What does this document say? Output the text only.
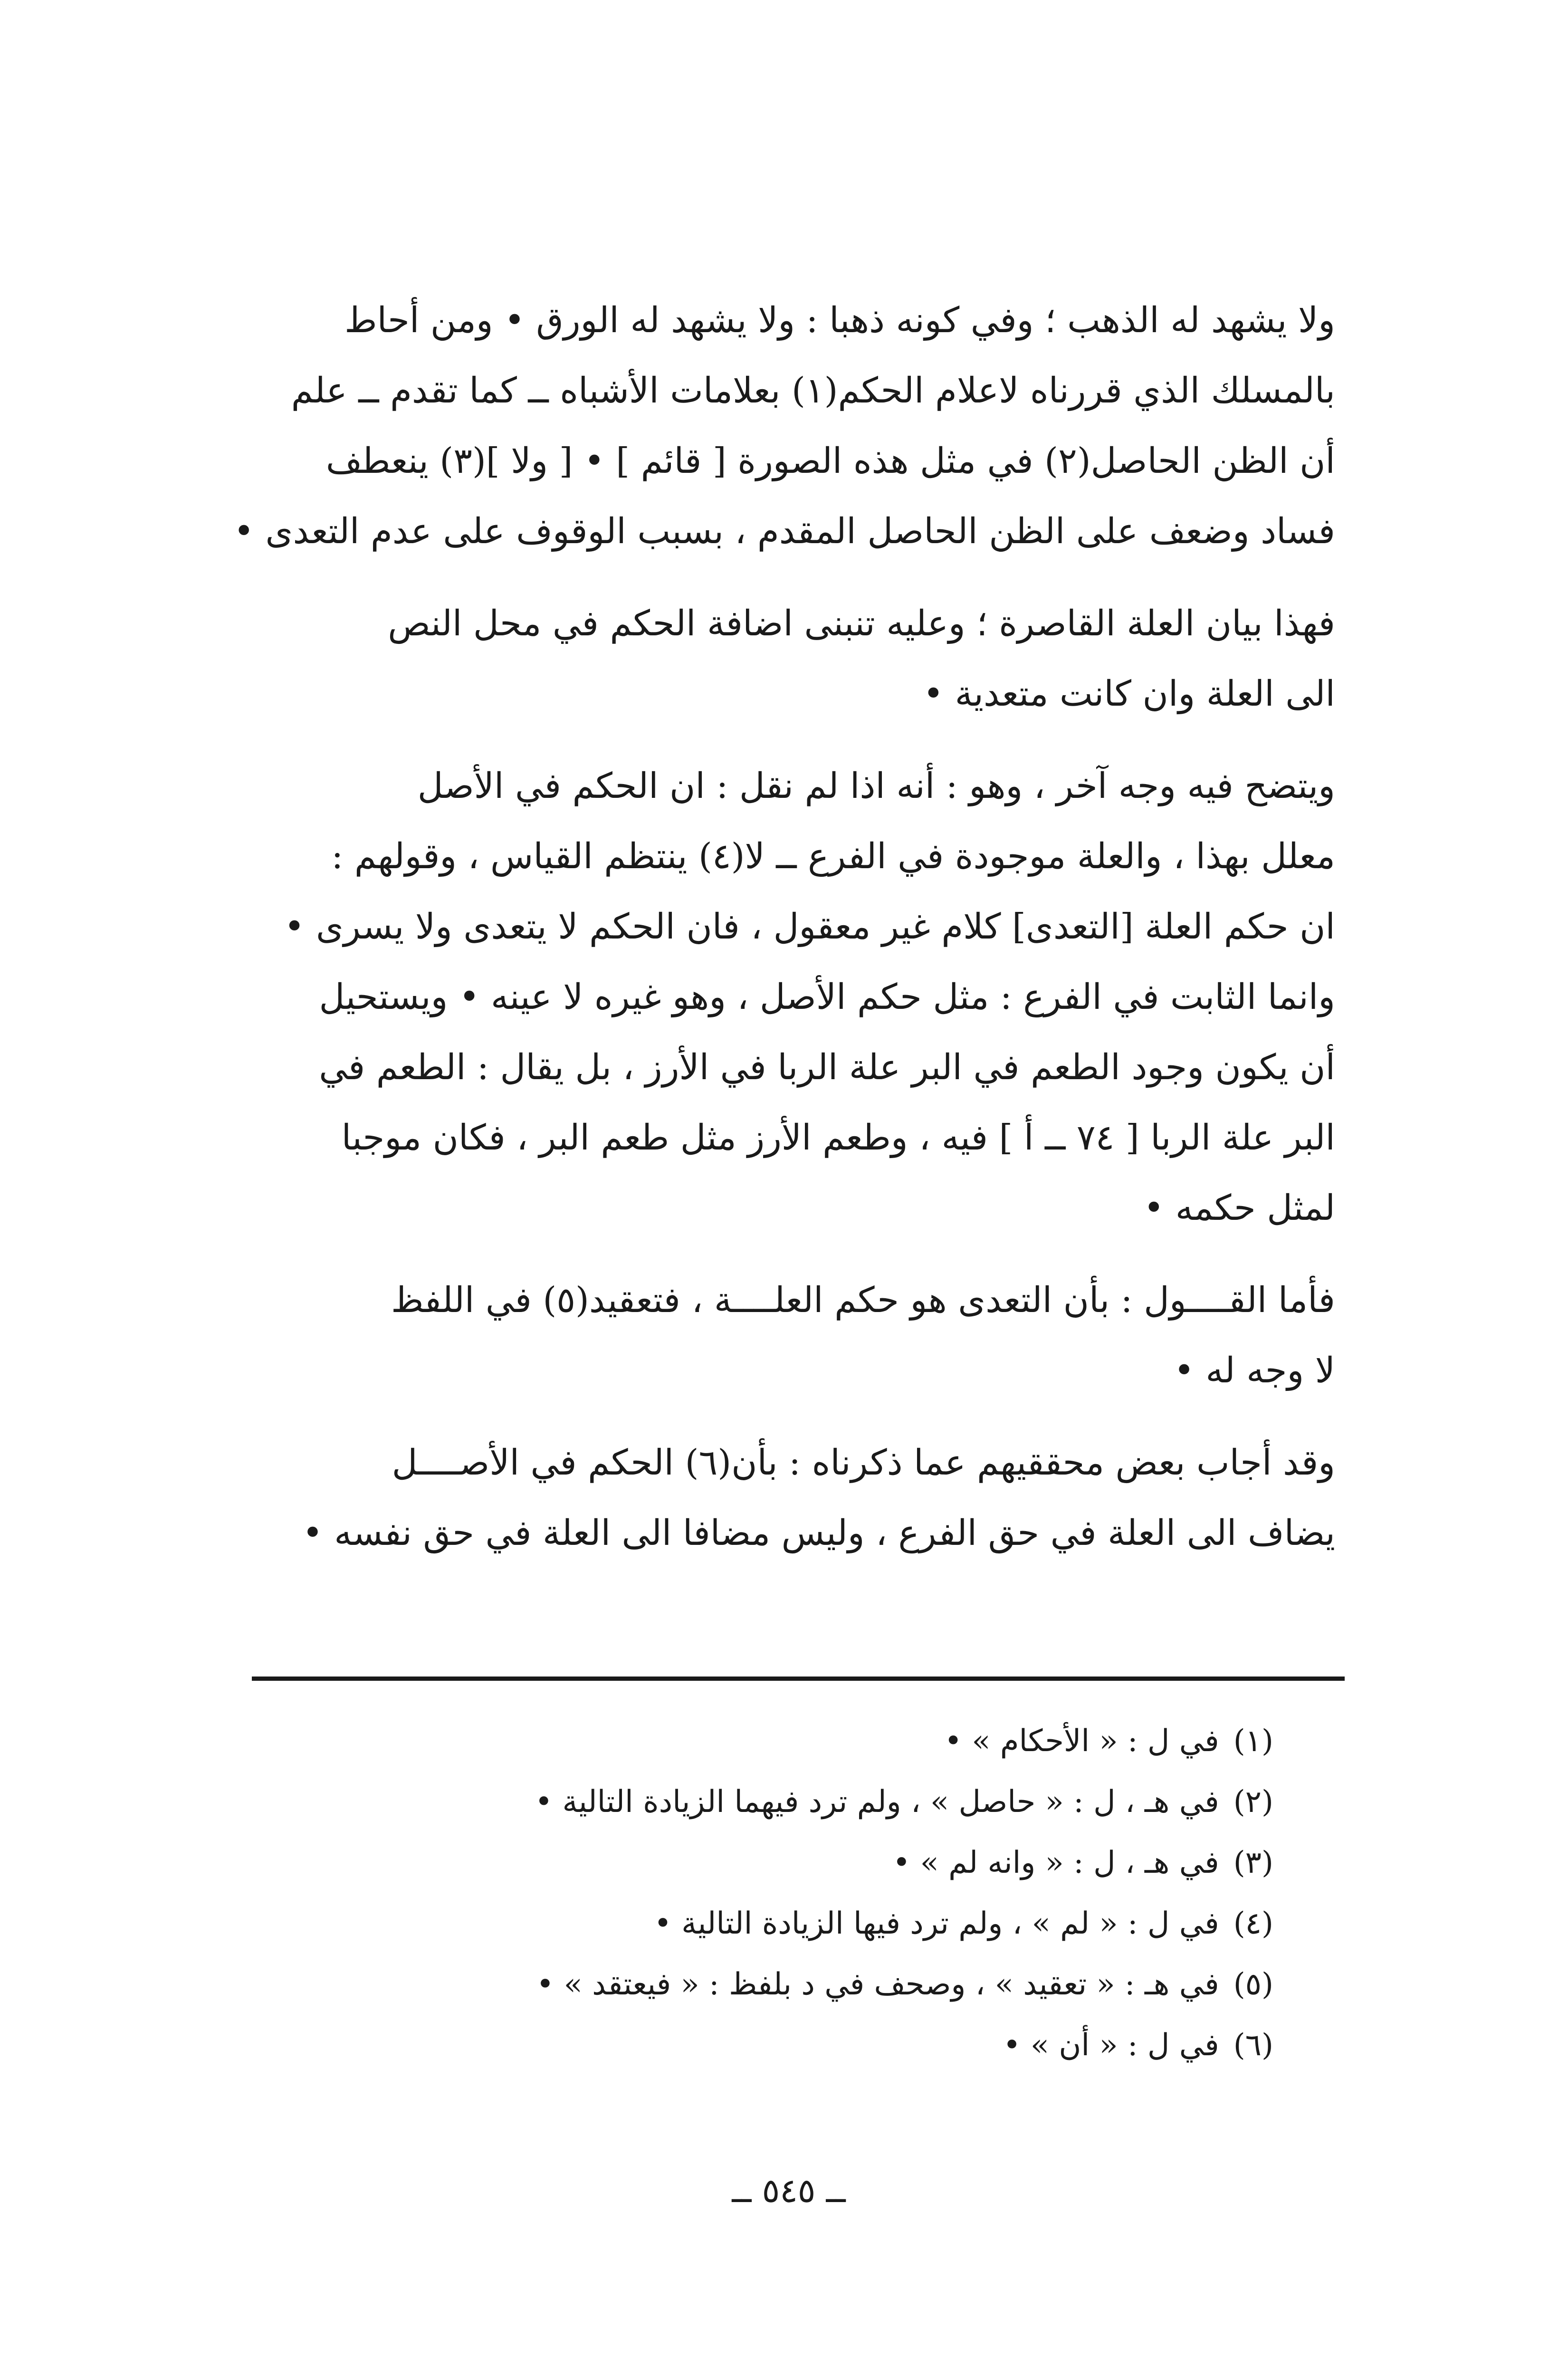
ولا يشهد له الذهب ؛ وفي كونه ذهبا : ولا يشهد له الورق • ومن أحاط
بالمسلك الذي قررناه لاعلام الحكم(١) بعلامات الأشباه ــ كما تقدم ــ علم
أن الظن الحاصل(٢) في مثل هذه الصورة [ قائم ] • [ ولا ](٣) ينعطف
فساد وضعف على الظن الحاصل المقدم ، بسبب الوقوف على عدم التعدى •

فهذا بيان العلة القاصرة ؛ وعليه تنبنى اضافة الحكم في محل النص
الى العلة وان كانت متعدية •

ويتضح فيه وجه آخر ، وهو : أنه اذا لم نقل : ان الحكم في الأصل
معلل بهذا ، والعلة موجودة في الفرع ــ لا(٤) ينتظم القياس ، وقولهم :
ان حكم العلة [التعدى] كلام غير معقول ، فان الحكم لا يتعدى ولا يسرى •
وانما الثابت في الفرع : مثل حكم الأصل ، وهو غيره لا عينه • ويستحيل
أن يكون وجود الطعم في البر علة الربا في الأرز ، بل يقال : الطعم في
البر علة الربا [ ٧٤ ــ أ ] فيه ، وطعم الأرز مثل طعم البر ، فكان موجبا
لمثل حكمه •

فأما القــــول : بأن التعدى هو حكم العلــــة ، فتعقيد(٥) في اللفظ
لا وجه له •

وقد أجاب بعض محققيهم عما ذكرناه : بأن(٦) الحكم في الأصــــل
يضاف الى العلة في حق الفرع ، وليس مضافا الى العلة في حق نفسه •

(١)في ل : « الأحكام » •
(٢)في هـ ، ل : « حاصل » ، ولم ترد فيهما الزيادة التالية •
(٣)في هـ ، ل : « وانه لم » •
(٤)في ل : « لم » ، ولم ترد فيها الزيادة التالية •
(٥)في هـ : « تعقيد » ، وصحف في د بلفظ : « فيعتقد » •
(٦)في ل : « أن » •
ــ ٥٤٥ ــ
